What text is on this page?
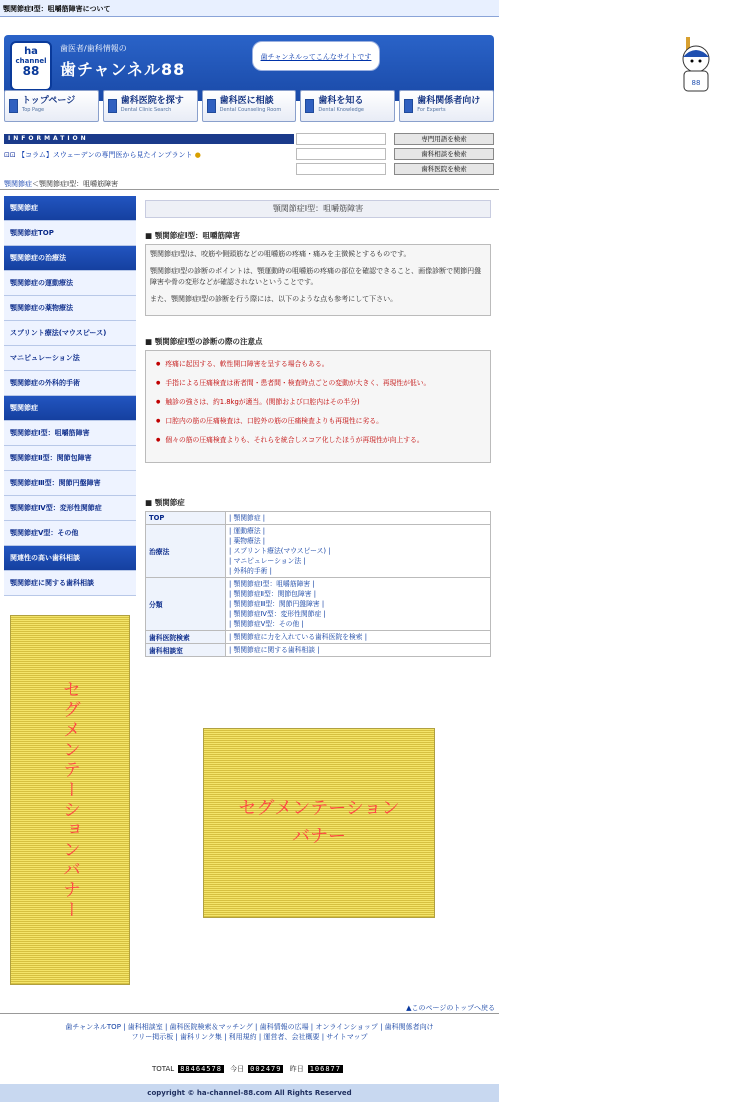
顎関節症Ⅰ型：咀嚼筋障害について
ha
channel
88
歯医者/歯科情報の
歯チャンネル88
88
歯ちゃん
背番号：88
歯チャンネルってこんなサイトです
トップページ
Top Page
歯科医院を探す
Dental Clinic Search
歯科医に相談
Dental Counseling Room
歯科を知る
Dental Knowledge
歯科関係者向け
For Experts
INFORMATION
⊡⊡ 【コラム】スウェーデンの専門医から見たインプラント ●
専門用語を検索
歯科相談を検索
歯科医院を検索
顎関節症＜顎関節症Ⅰ型：咀嚼筋障害
顎関節症
顎関節症TOP
顎関節症の治療法
顎関節症の運動療法
顎関節症の薬物療法
スプリント療法(マウスピース)
マニピュレーション法
顎関節症の外科的手術
顎関節症
顎関節症Ⅰ型：咀嚼筋障害
顎関節症Ⅱ型：関節包障害
顎関節症Ⅲ型：関節円盤障害
顎関節症Ⅳ型：変形性関節症
顎関節症Ⅴ型：その他
関連性の高い歯科相談
顎関節症に関する歯科相談
セグメンテーションバナー
顎関節症Ⅰ型：咀嚼筋障害
■ 顎関節症Ⅰ型：咀嚼筋障害

顎関節症Ⅰ型は、咬筋や側頭筋などの咀嚼筋の疼痛・痛みを主徴候とするものです。

顎関節症Ⅰ型の診断のポイントは、顎運動時の咀嚼筋の疼痛の部位を確認できること、画像診断で関節円盤障害や骨の変形などが確認されないということです。

また、顎関節症Ⅰ型の診断を行う際には、以下のような点も参考にして下さい。

■ 顎関節症Ⅰ型の診断の際の注意点
● 疼痛に起因する、軟性開口障害を呈する場合もある。
● 手指による圧痛検査は術者間・患者間・検査時点ごとの変動が大きく、再現性が低い。
● 触診の強さは、約1.8kgが適当。(関節および口腔内はその半分)
● 口腔内の筋の圧痛検査は、口腔外の筋の圧痛検査よりも再現性に劣る。
● 個々の筋の圧痛検査よりも、それらを統合しスコア化したほうが再現性が向上する。
■ 顎関節症
TOP	| 顎関節症 |

治療法	| 運動療法 |
| 薬物療法 |
| スプリント療法(マウスピース) |
| マニピュレーション法 |
| 外科的手術 |

分類	| 顎関節症Ⅰ型：咀嚼筋障害 |
| 顎関節症Ⅱ型：関節包障害 |
| 顎関節症Ⅲ型：関節円盤障害 |
| 顎関節症Ⅳ型：変形性関節症 |
| 顎関節症Ⅴ型：その他 |

歯科医院検索	| 顎関節症に力を入れている歯科医院を検索 |

歯科相談室	| 顎関節症に関する歯科相談 |
セグメンテーション
バナー
▲このページのトップへ戻る
歯チャンネルTOP | 歯科相談室 | 歯科医院検索＆マッチング | 歯科情報の広場 | オンラインショップ | 歯科関係者向け
フリー掲示板 | 歯科リンク集 | 利用規約 | 運営者、会社概要 | サイトマップ
TOTAL 88464578 今日 002479 昨日 106877
copyright © ha-channel-88.com All Rights Reserved
